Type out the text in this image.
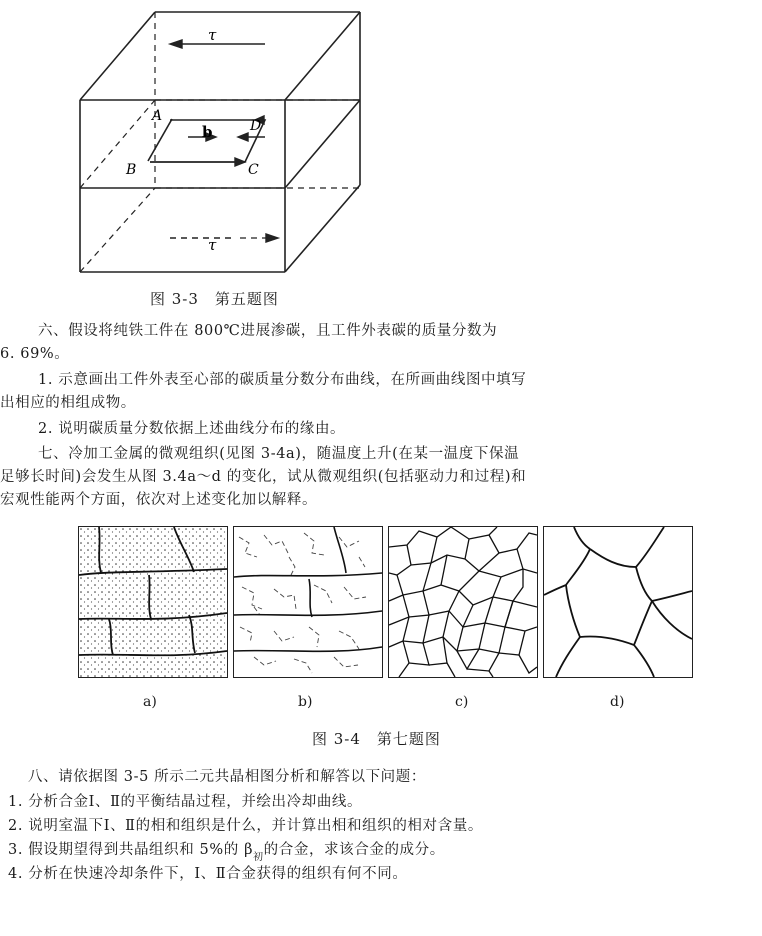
τ
τ
b
A
B	C
D
图 3-3　第五题图
六、假设将纯铁工件在 800℃进展渗碳，且工件外表碳的质量分数为
6. 69%。
1. 示意画出工件外表至心部的碳质量分数分布曲线，在所画曲线图中填写
出相应的相组成物。
2. 说明碳质量分数依据上述曲线分布的缘由。
七、冷加工金属的微观组织(见图 3-4a)，随温度上升(在某一温度下保温
足够长时间)会发生从图 3.4a～d 的变化，试从微观组织(包括驱动力和过程)和
宏观性能两个方面，依次对上述变化加以解释。
a)	b)	c)	d)
图 3-4　第七题图
八、请依据图 3-5 所示二元共晶相图分析和解答以下问题：
1. 分析合金Ⅰ、Ⅱ的平衡结晶过程，并绘出冷却曲线。
2. 说明室温下Ⅰ、Ⅱ的相和组织是什么，并计算出相和组织的相对含量。
3. 假设期望得到共晶组织和 5%的 $\beta_初$的合金，求该合金的成分。
4. 分析在快速冷却条件下，Ⅰ、Ⅱ合金获得的组织有何不同。
